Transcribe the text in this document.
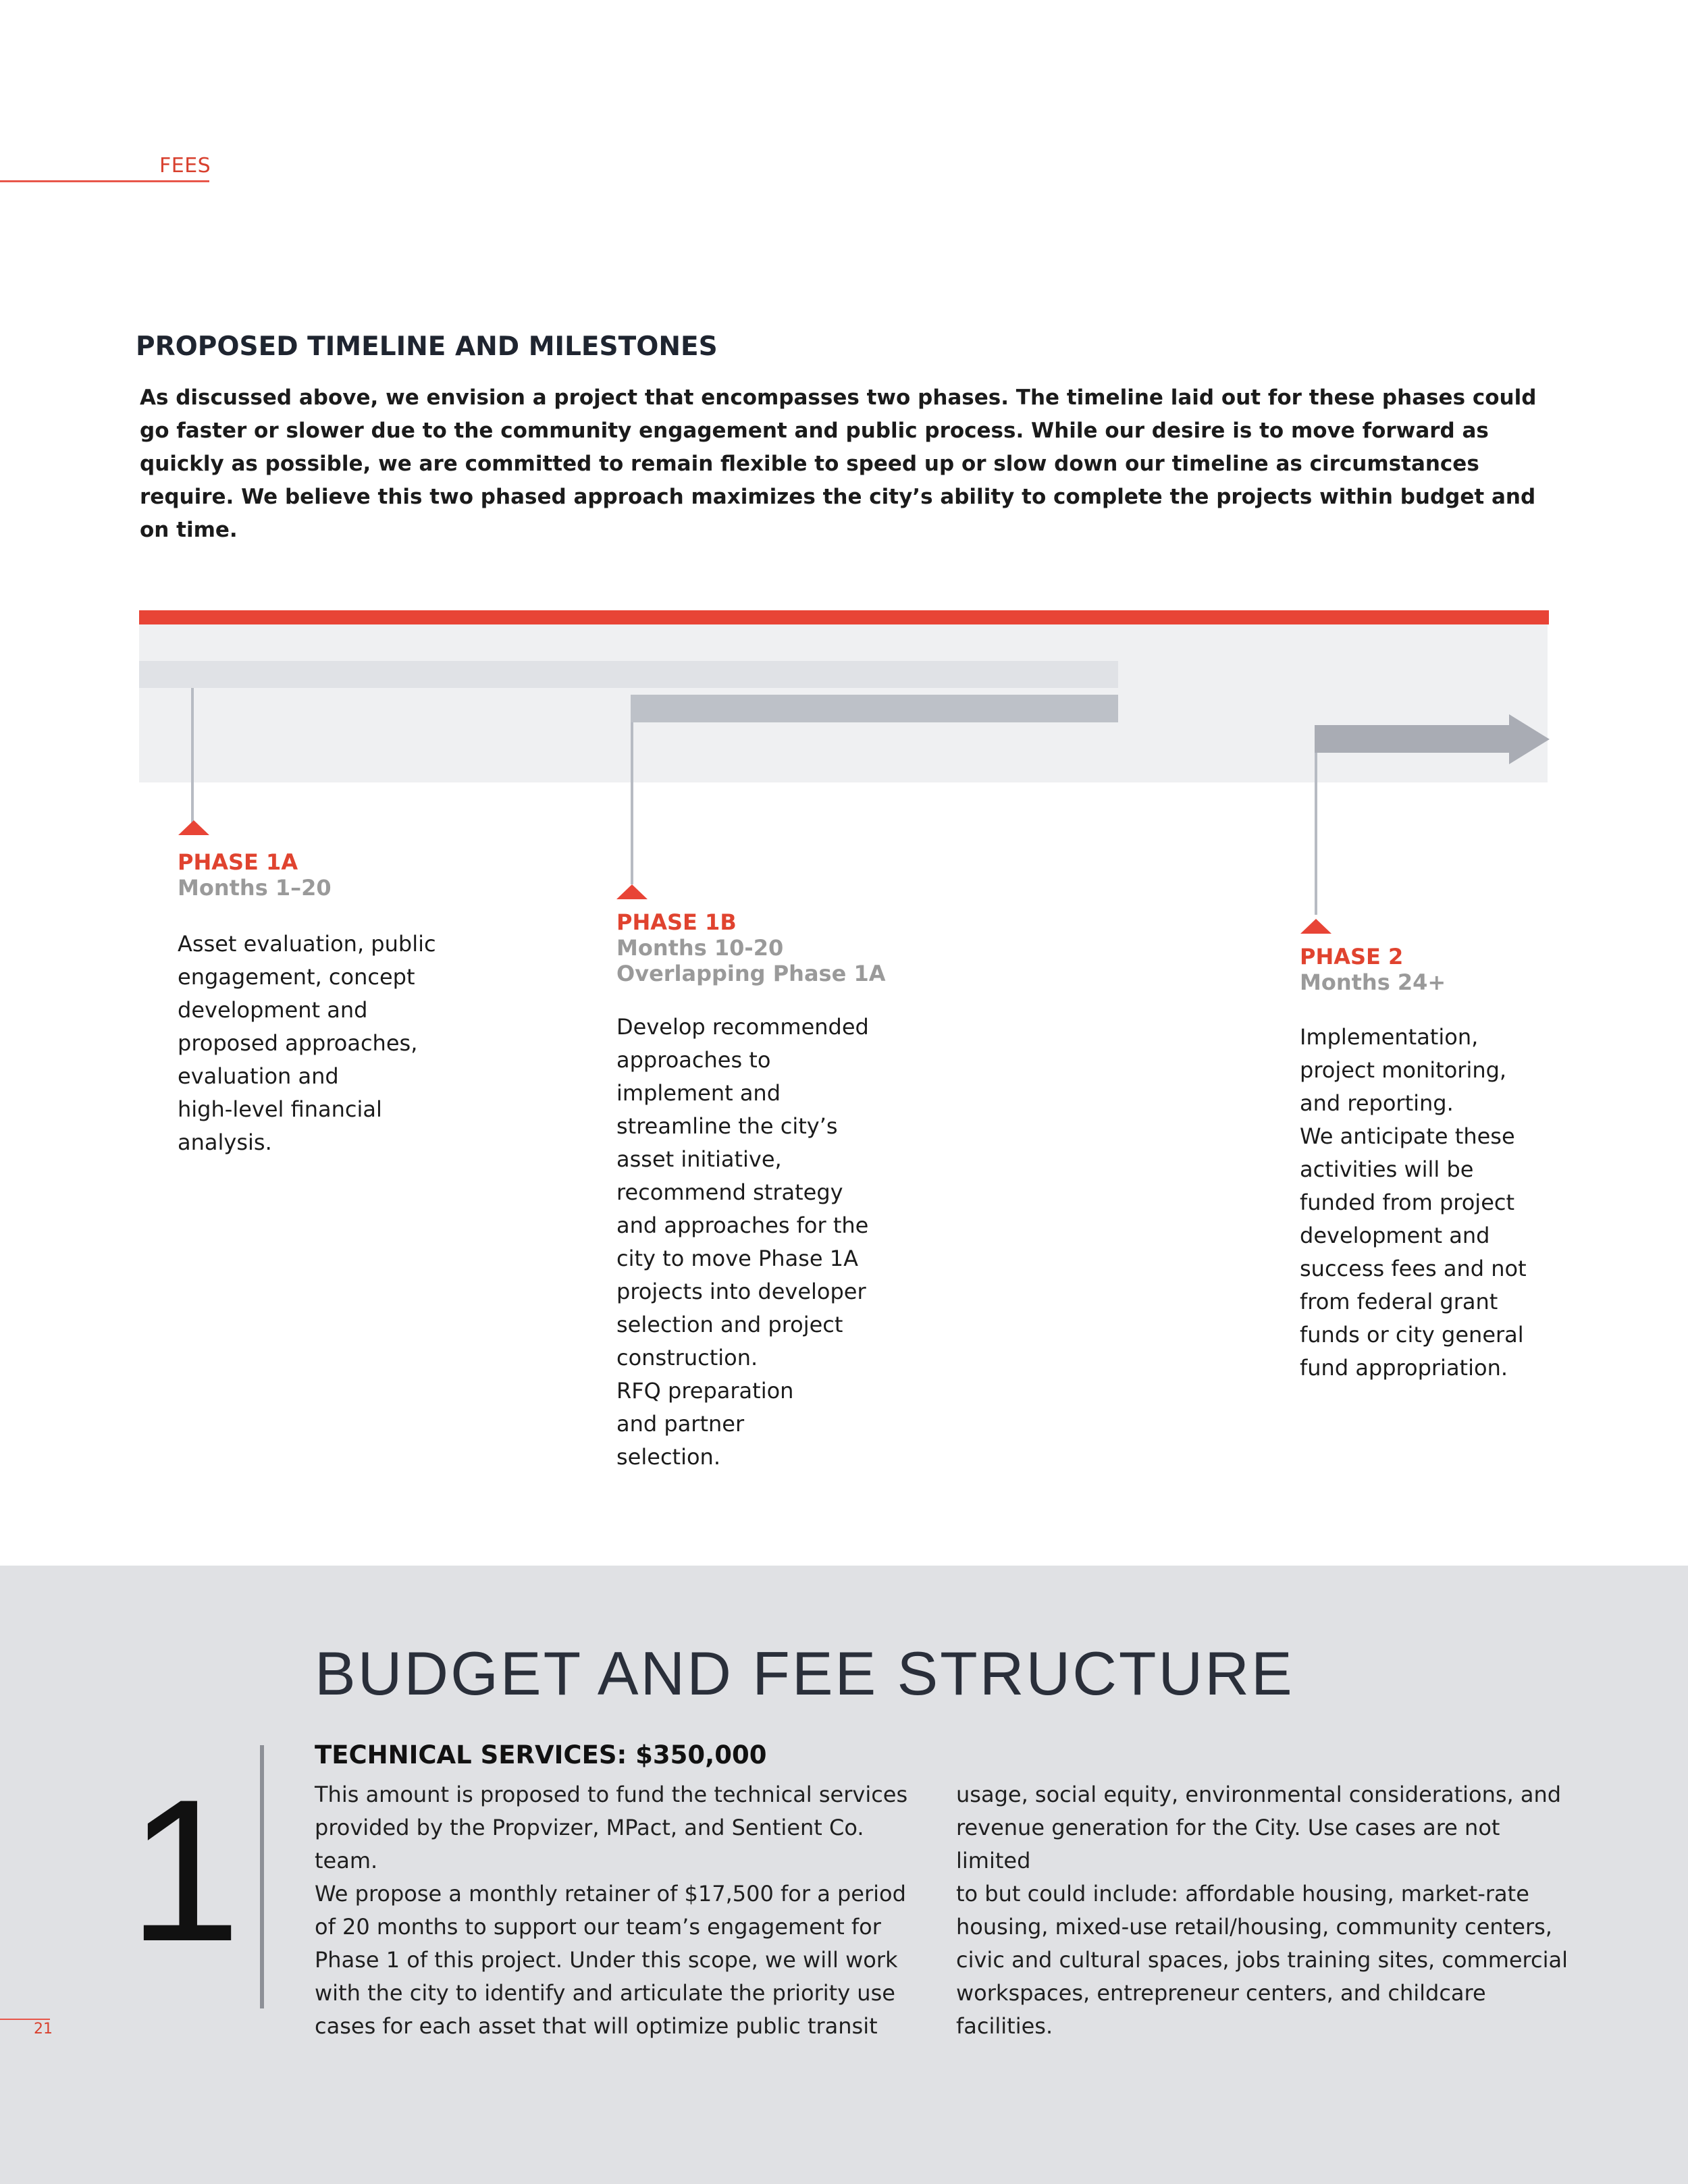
FEES
PROPOSED TIMELINE AND MILESTONES
As discussed above, we envision a project that encompasses two phases. The timeline laid out for these phases could go faster or slower due to the community engagement and public process. While our desire is to move forward as quickly as possible, we are committed to remain flexible to speed up or slow down our timeline as circumstances require. We believe this two phased approach maximizes the city’s ability to complete the projects within budget and on time.
PHASE 1A
Months 1–20
Asset evaluation, public
engagement, concept
development and
proposed approaches,
evaluation and
high-level financial
analysis.
PHASE 1B
Months 10-20
Overlapping Phase 1A
Develop recommended
approaches to
implement and
streamline the city’s
asset initiative,
recommend strategy
and approaches for the
city to move Phase 1A
projects into developer
selection and project
construction.
RFQ preparation
and partner
selection.
PHASE 2
Months 24+
Implementation,
project monitoring,
and reporting.
We anticipate these
activities will be
funded from project
development and
success fees and not
from federal grant
funds or city general
fund appropriation.
BUDGET AND FEE STRUCTURE
1
TECHNICAL SERVICES: $350,000
This amount is proposed to fund the technical services
provided by the Propvizer, MPact, and Sentient Co. team.
We propose a monthly retainer of $17,500 for a period
of 20 months to support our team’s engagement for
Phase 1 of this project. Under this scope, we will work
with the city to identify and articulate the priority use
cases for each asset that will optimize public transit
usage, social equity, environmental considerations, and
revenue generation for the City. Use cases are not limited
to but could include: affordable housing, market-rate
housing, mixed-use retail/housing, community centers,
civic and cultural spaces, jobs training sites, commercial
workspaces, entrepreneur centers, and childcare
facilities.
21
